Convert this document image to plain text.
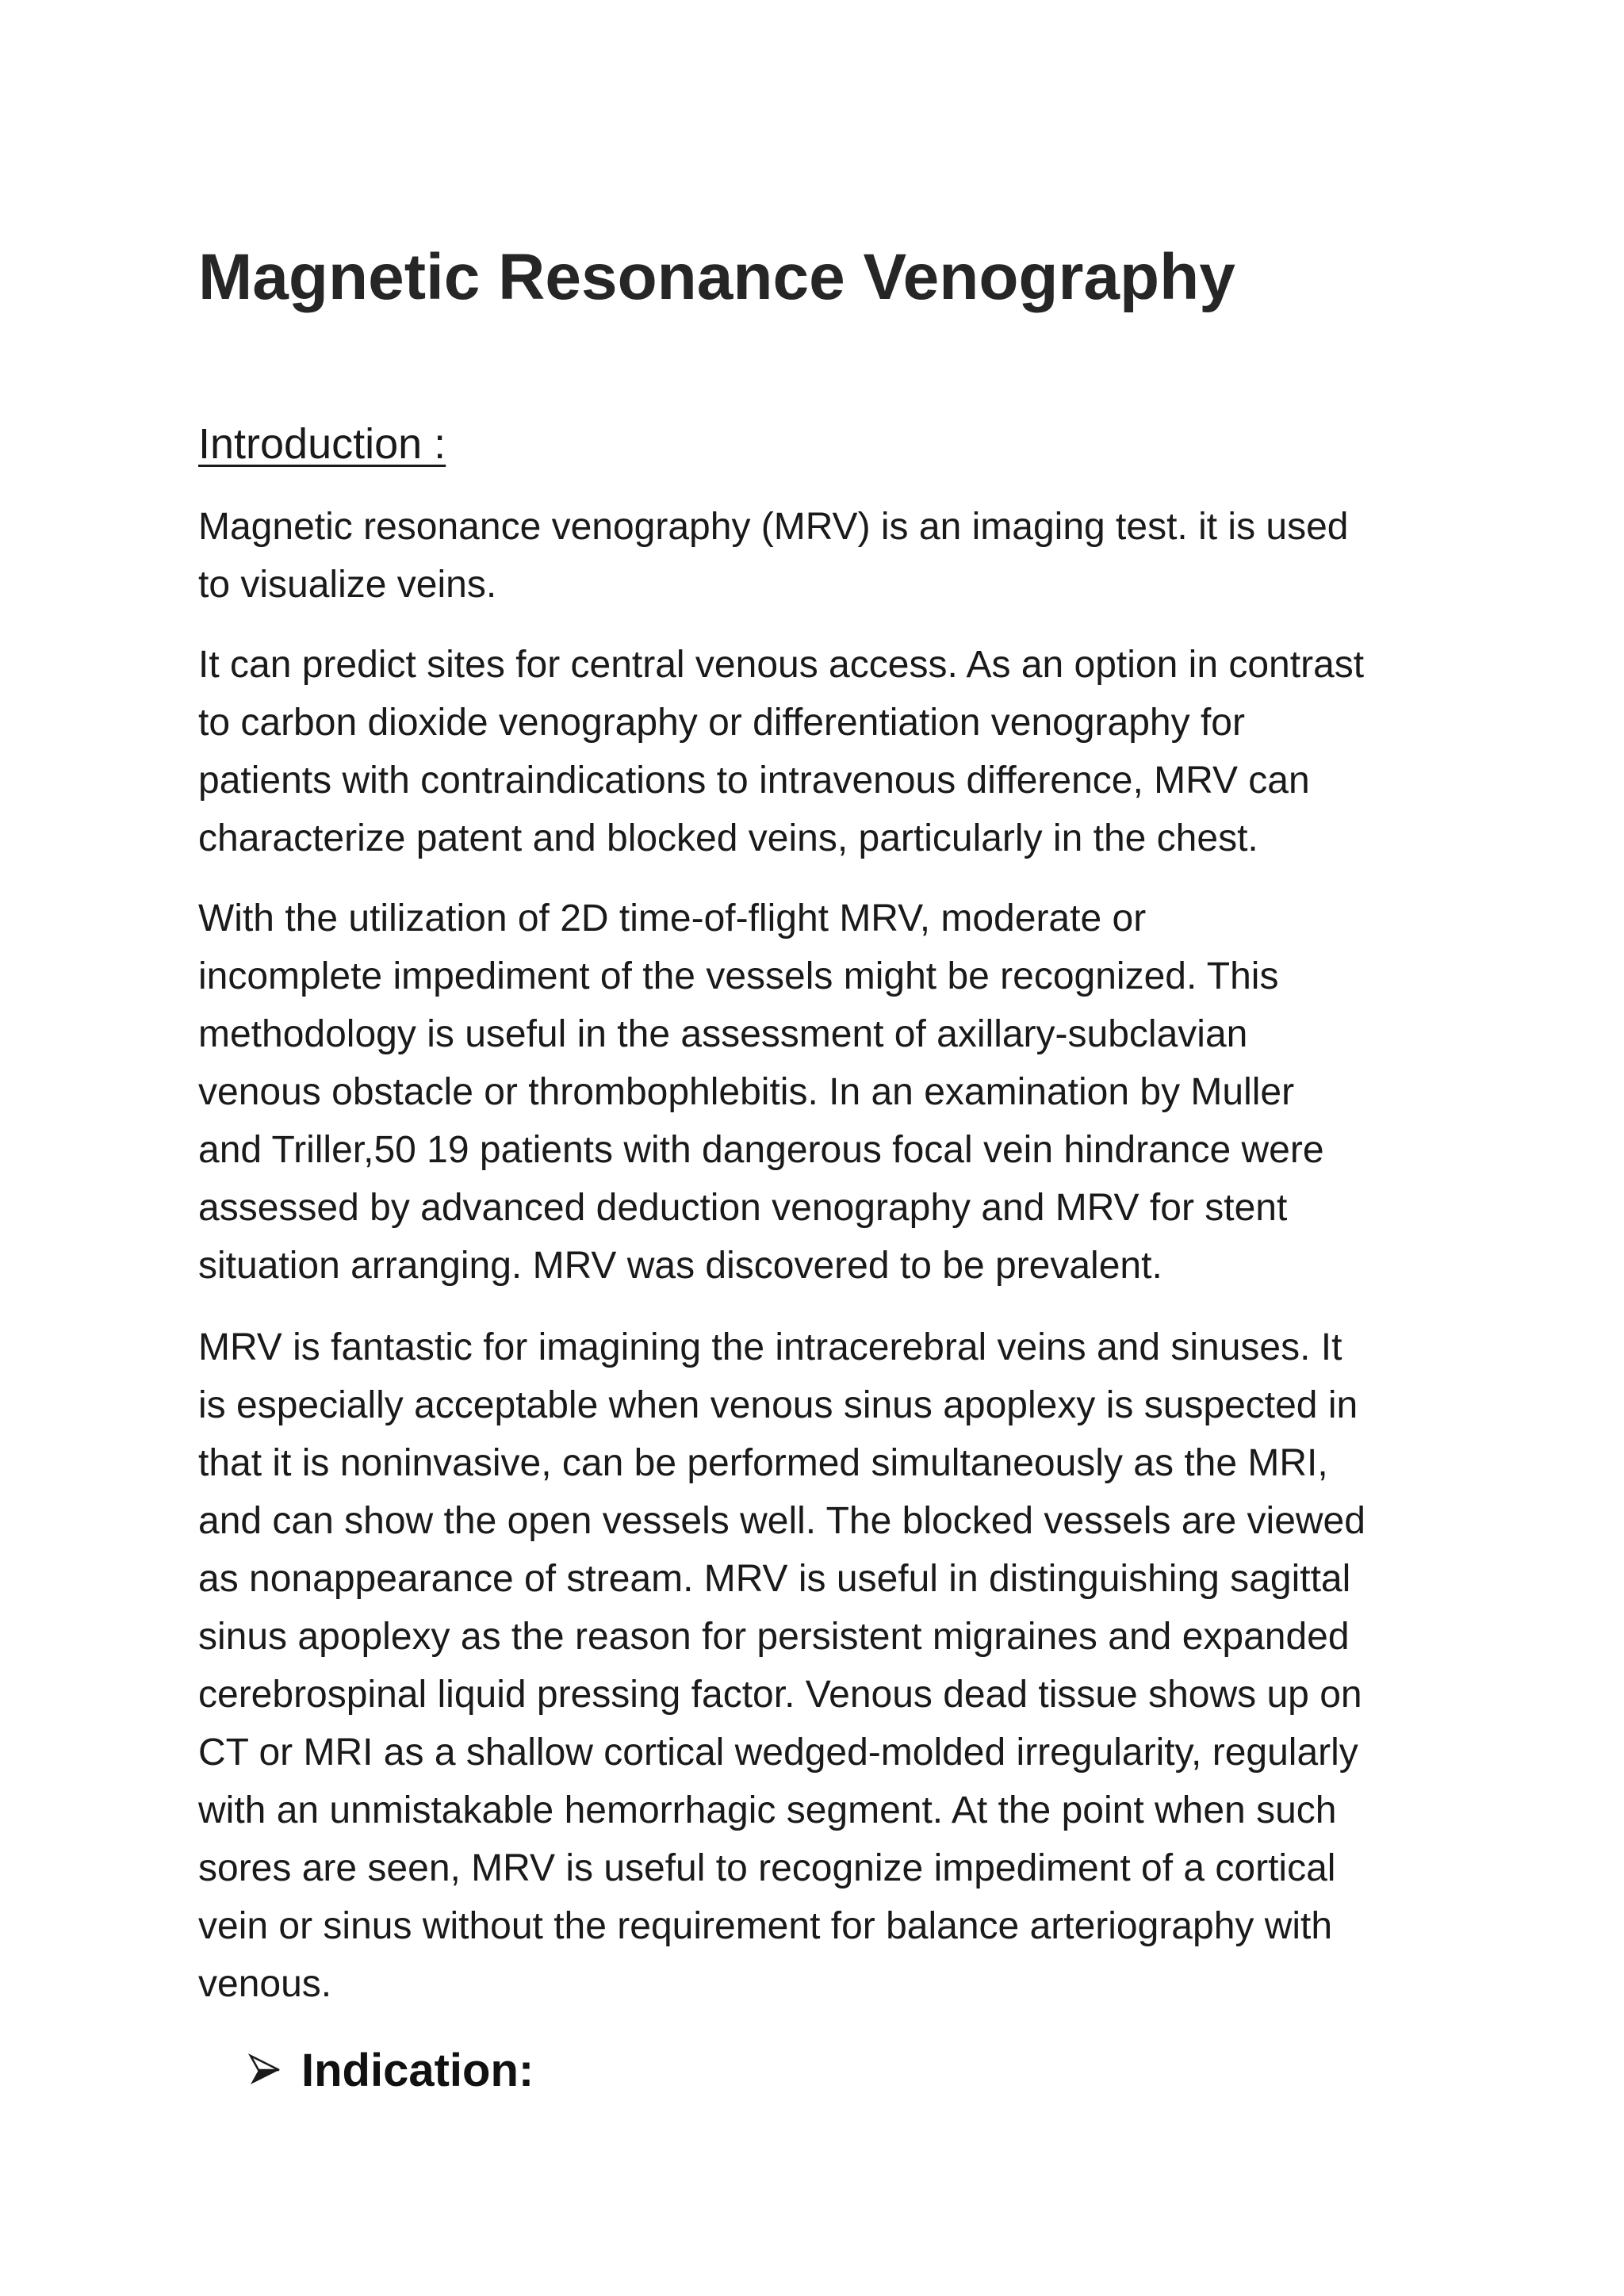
Magnetic Resonance Venography
Introduction :
Magnetic resonance venography (MRV) is an imaging test. it is used
to visualize veins.
It can predict sites for central venous access. As an option in contrast
to carbon dioxide venography or differentiation venography for
patients with contraindications to intravenous difference, MRV can
characterize patent and blocked veins, particularly in the chest.
With the utilization of 2D time-of-flight MRV, moderate or
incomplete impediment of the vessels might be recognized. This
methodology is useful in the assessment of axillary-subclavian
venous obstacle or thrombophlebitis. In an examination by Muller
and Triller,50 19 patients with dangerous focal vein hindrance were
assessed by advanced deduction venography and MRV for stent
situation arranging. MRV was discovered to be prevalent.
MRV is fantastic for imagining the intracerebral veins and sinuses. It
is especially acceptable when venous sinus apoplexy is suspected in
that it is noninvasive, can be performed simultaneously as the MRI,
and can show the open vessels well. The blocked vessels are viewed
as nonappearance of stream. MRV is useful in distinguishing sagittal
sinus apoplexy as the reason for persistent migraines and expanded
cerebrospinal liquid pressing factor. Venous dead tissue shows up on
CT or MRI as a shallow cortical wedged-molded irregularity, regularly
with an unmistakable hemorrhagic segment. At the point when such
sores are seen, MRV is useful to recognize impediment of a cortical
vein or sinus without the requirement for balance arteriography with
venous.
Indication:
